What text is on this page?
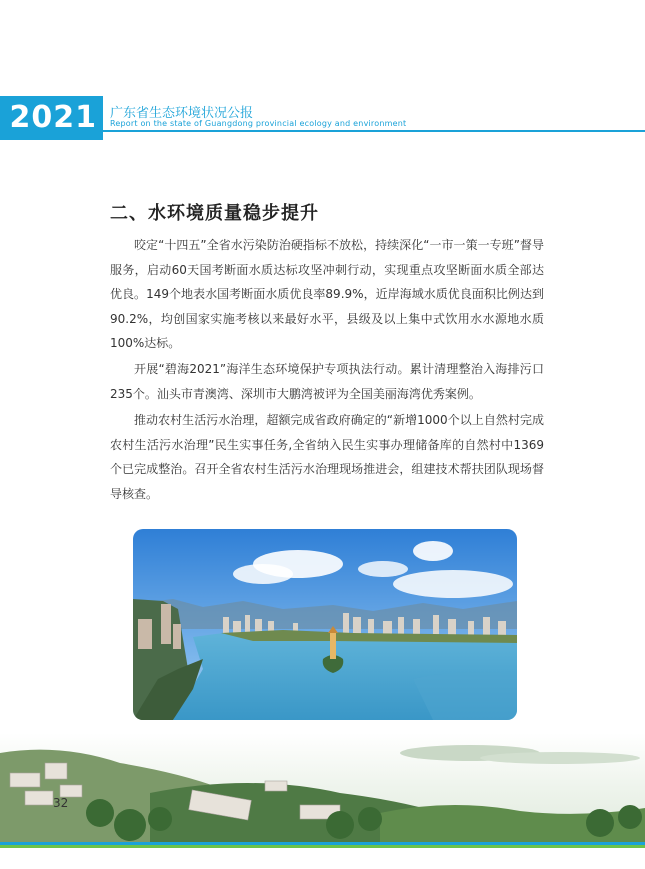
2021	广东省生态环境状况公报
Report on the state of Guangdong provincial ecology and environment
二、水环境质量稳步提升

咬定“十四五”全省水污染防治硬指标不放松，持续深化“一市一策一专班”督导服务，启动60天国考断面水质达标攻坚冲刺行动，实现重点攻坚断面水质全部达优良。149个地表水国考断面水质优良率89.9%，近岸海域水质优良面积比例达到90.2%，均创国家实施考核以来最好水平，县级及以上集中式饮用水水源地水质100%达标。

开展“碧海2021”海洋生态环境保护专项执法行动。累计清理整治入海排污口235个。汕头市青澳湾、深圳市大鹏湾被评为全国美丽海湾优秀案例。

推动农村生活污水治理，超额完成省政府确定的“新增1000个以上自然村完成农村生活污水治理”民生实事任务,全省纳入民生实事办理储备库的自然村中1369个已完成整治。召开全省农村生活污水治理现场推进会，组建技术帮扶团队现场督导核查。

32
